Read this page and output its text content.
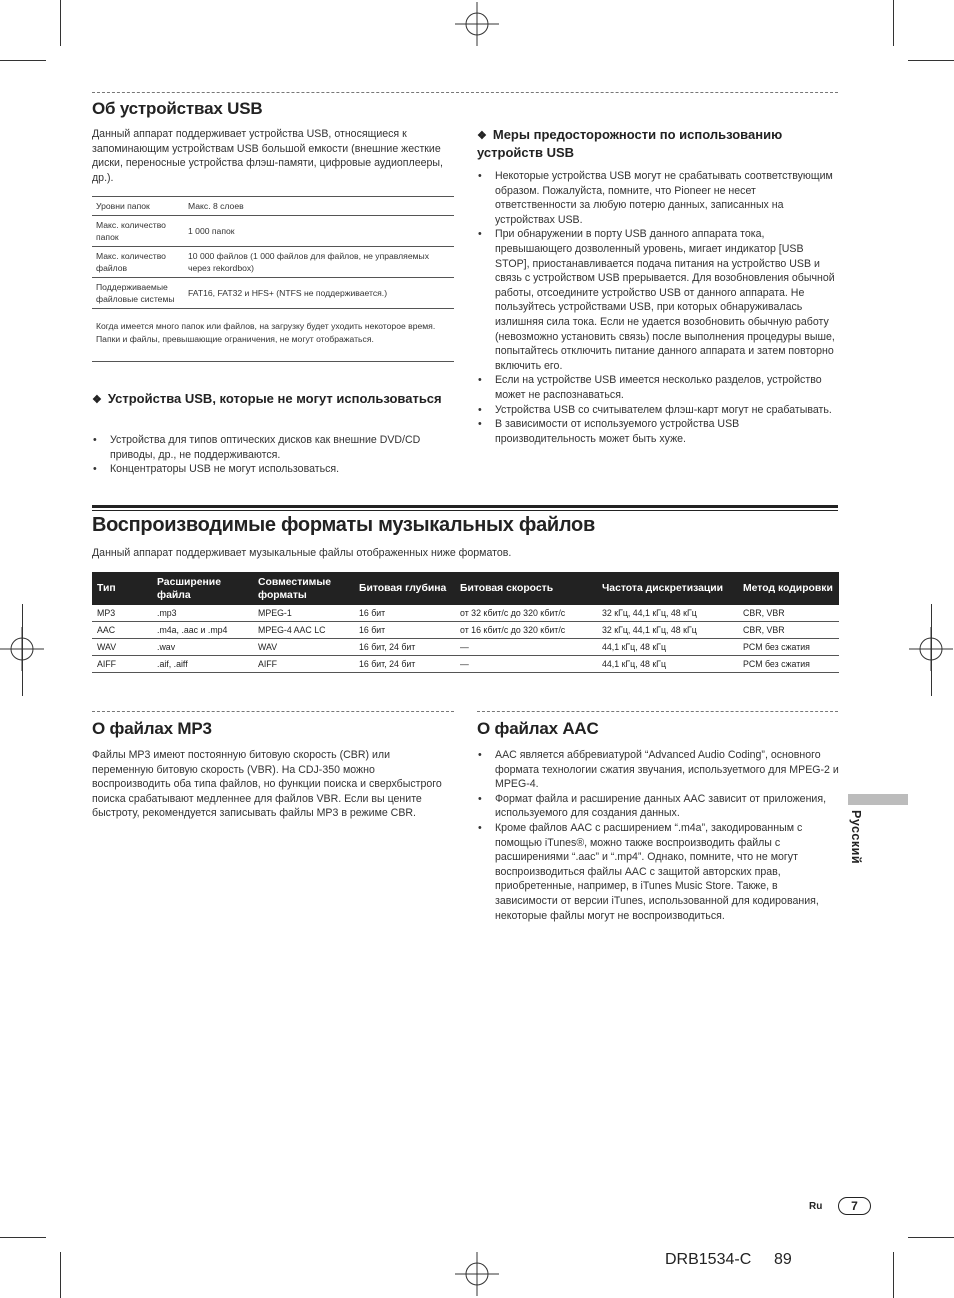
Об устройствах USB

Данный аппарат поддерживает устройства USB, относящиеся к запоминающим устройствам USB большой емкости (внешние жесткие диски, переносные устройства флэш-памяти, цифровые аудиоплееры, др.).

Уровни папок	Макс. 8 слоев
Макс. количество папок	1 000 папок
Макс. количество файлов	10 000 файлов (1 000 файлов для файлов, не управляемых через rekordbox)
Поддерживаемые файловые системы	FAT16, FAT32 и HFS+ (NTFS не поддерживается.)
Когда имеется много папок или файлов, на загрузку будет уходить некоторое время.
Папки и файлы, превышающие ограничения, не могут отображаться.
❖ Устройства USB, которые не могут использоваться
• Устройства для типов оптических дисков как внешние DVD/CD приводы, др., не поддерживаются.
• Концентраторы USB не могут использоваться.
❖ Меры предосторожности по использованию устройств USB
• Некоторые устройства USB могут не срабатывать соответствующим образом. Пожалуйста, помните, что Pioneer не несет ответственности за любую потерю данных, записанных на устройствах USB.
• При обнаружении в порту USB данного аппарата тока, превышающего дозволенный уровень, мигает индикатор [USB STOP], приостанавливается подача питания на устройство USB и связь с устройством USB прерывается. Для возобновления обычной работы, отсоедините устройство USB от данного аппарата. Не пользуйтесь устройствами USB, при которых обнаруживалась излишняя сила тока. Если не удается возобновить обычную работу (невозможно установить связь) после выполнения процедуры выше, попытайтесь отключить питание данного аппарата и затем повторно включить его.
• Если на устройстве USB имеется несколько разделов, устройство может не распознаваться.
• Устройства USB со считывателем флэш-карт могут не срабатывать.
• В зависимости от используемого устройства USB производительность может быть хуже.
Воспроизводимые форматы музыкальных файлов

Данный аппарат поддерживает музыкальные файлы отображенных ниже форматов.

Тип	Расширение файла	Совместимые форматы	Битовая глубина	Битовая скорость	Частота дискретизации	Метод кодировки
MP3	.mp3	MPEG-1	16 бит	от 32 кбит/с до 320 кбит/с	32 кГц, 44,1 кГц, 48 кГц	CBR, VBR
AAC	.m4a, .aac и .mp4	MPEG-4 AAC LC	16 бит	от 16 кбит/с до 320 кбит/с	32 кГц, 44,1 кГц, 48 кГц	CBR, VBR
WAV	.wav	WAV	16 бит, 24 бит	—	44,1 кГц, 48 кГц	PCM без сжатия
AIFF	.aif, .aiff	AIFF	16 бит, 24 бит	—	44,1 кГц, 48 кГц	PCM без сжатия
О файлах MP3

Файлы MP3 имеют постоянную битовую скорость (CBR) или переменную битовую скорость (VBR). На CDJ-350 можно воспроизводить оба типа файлов, но функции поиска и сверхбыстрого поиска срабатывают медленнее для файлов VBR. Если вы цените быстроту, рекомендуется записывать файлы MP3 в режиме CBR.

О файлах AAC
• AAC является аббревиатурой “Advanced Audio Coding”, основного формата технологии сжатия звучания, используетмого для MPEG-2 и MPEG-4.
• Формат файла и расширение данных AAC зависит от приложения, используемого для создания данных.
• Кроме файлов AAC с расширением “.m4a”, закодированным с помощью iTunes®, можно также воспроизводить файлы с расширениями “.aac” и “.mp4”. Однако, помните, что не могут воспроизводиться файлы AAC с защитой авторских прав, приобретенные, например, в iTunes Music Store. Также, в зависимости от версии iTunes, использованной для кодирования, некоторые файлы могут не воспроизводиться.
Русский
Ru	7
DRB1534-C 89
